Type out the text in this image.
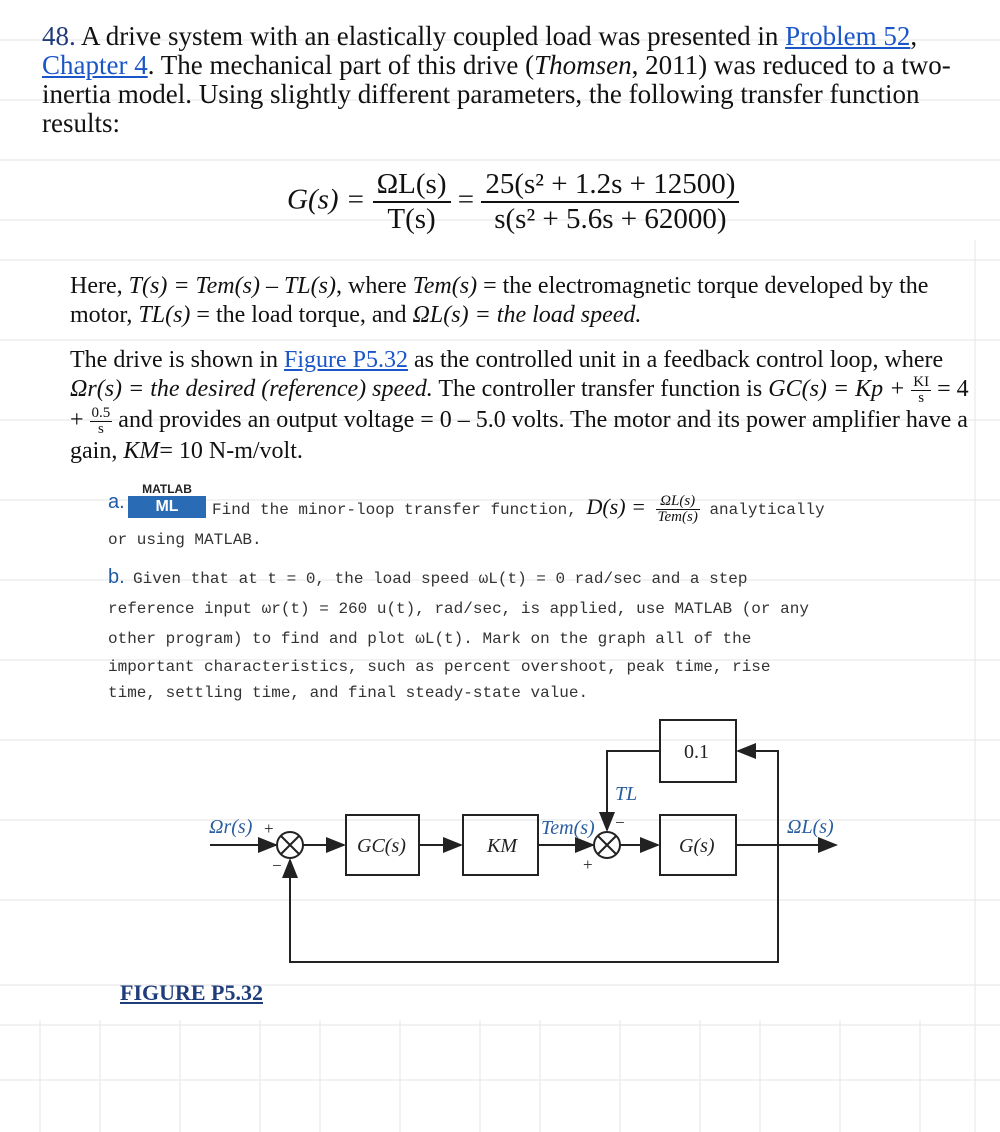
48. A drive system with an elastically coupled load was presented in Problem 52, Chapter 4. The mechanical part of this drive (Thomsen, 2011) was reduced to a two-inertia model. Using slightly different parameters, the following transfer function results:
$G(s) = \frac{\Omega L(s)}{T(s)} = \frac{\text{25(s² + 1.2s + 12500)}}{\text{s(s² + 5.6s + 62000)}}$
Here, T(s) = Tem(s) – TL(s), where Tem(s) = the electromagnetic torque developed by the motor, TL(s) = the load torque, and ΩL(s) = the load speed.
The drive is shown in Figure P5.32 as the controlled unit in a feedback control loop, where Ωr(s) = the desired (reference) speed. The controller transfer function is $GC(s) = Kp + \frac{KI}{s} = 4 + \frac{0.5}{s}$ and provides an output voltage = 0 – 5.0 volts. The motor and its power amplifier have a gain, KM= 10 N-m/volt.
a.
MATLAB
ML	Find the minor-loop transfer function, D(s) = ΩL(s)
Tem(s) analytically
or using MATLAB.
b. Given that at t = 0, the load speed ωL(t) = 0 rad/sec and a step
reference input ωr(t) = 260 u(t), rad/sec, is applied, use MATLAB (or any
other program) to find and plot ωL(t). Mark on the graph all of the
important characteristics, such as percent overshoot, peak time, rise
time, settling time, and final steady-state value.
Ωr(s) +
−
GC(s)	KM
Tem(s)
+
−
TL
G(s)
0.1
ΩL(s)
FIGURE P5.32
